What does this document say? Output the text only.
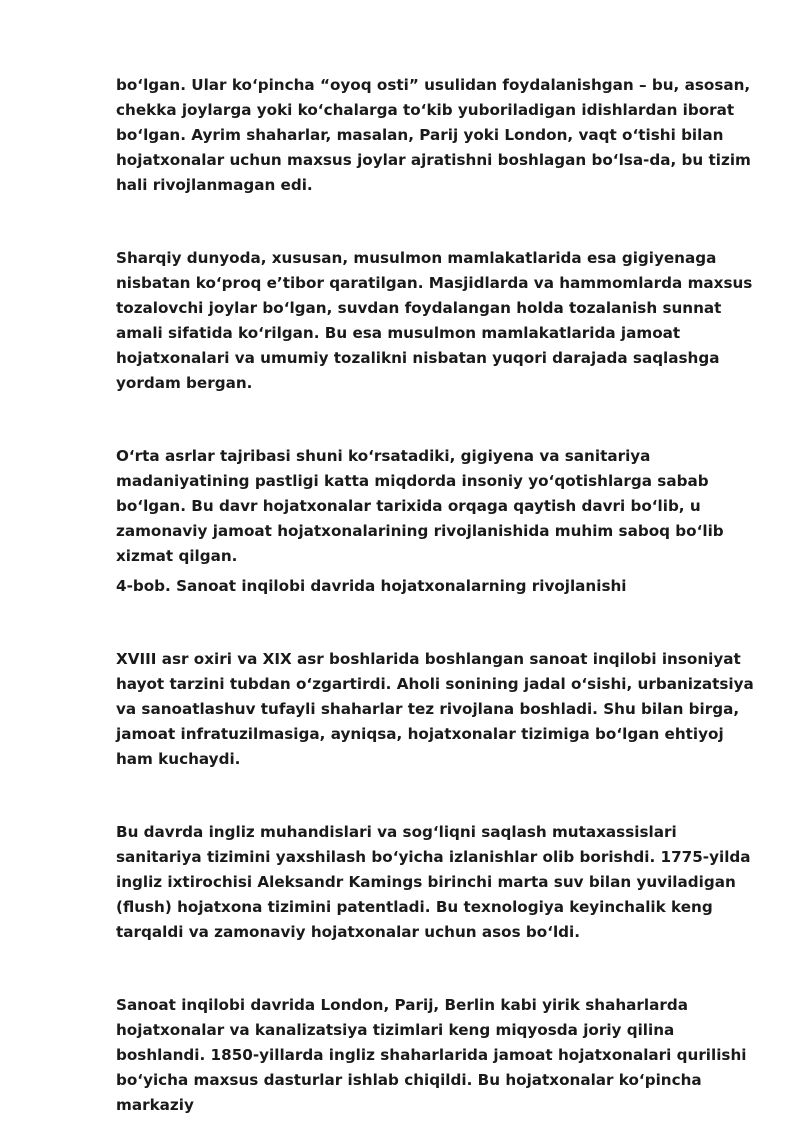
bo‘lgan. Ular ko‘pincha “oyoq osti” usulidan foydalanishgan – bu, asosan, chekka joylarga yoki ko‘chalarga to‘kib yuboriladigan idishlardan iborat bo‘lgan. Ayrim shaharlar, masalan, Parij yoki London, vaqt o‘tishi bilan hojatxonalar uchun maxsus joylar ajratishni boshlagan bo‘lsa-da, bu tizim hali rivojlanmagan edi.

Sharqiy dunyoda, xususan, musulmon mamlakatlarida esa gigiyenaga nisbatan ko‘proq e’tibor qaratilgan. Masjidlarda va hammomlarda maxsus tozalovchi joylar bo‘lgan, suvdan foydalangan holda tozalanish sunnat amali sifatida ko‘rilgan. Bu esa musulmon mamlakatlarida jamoat hojatxonalari va umumiy tozalikni nisbatan yuqori darajada saqlashga yordam bergan.

O‘rta asrlar tajribasi shuni ko‘rsatadiki, gigiyena va sanitariya madaniyatining pastligi katta miqdorda insoniy yo‘qotishlarga sabab bo‘lgan. Bu davr hojatxonalar tarixida orqaga qaytish davri bo‘lib, u zamonaviy jamoat hojatxonalarining rivojlanishida muhim saboq bo‘lib xizmat qilgan.

4-bob. Sanoat inqilobi davrida hojatxonalarning rivojlanishi

XVIII asr oxiri va XIX asr boshlarida boshlangan sanoat inqilobi insoniyat hayot tarzini tubdan o‘zgartirdi. Aholi sonining jadal o‘sishi, urbanizatsiya va sanoatlashuv tufayli shaharlar tez rivojlana boshladi. Shu bilan birga, jamoat infratuzilmasiga, ayniqsa, hojatxonalar tizimiga bo‘lgan ehtiyoj ham kuchaydi.

Bu davrda ingliz muhandislari va sog‘liqni saqlash mutaxassislari sanitariya tizimini yaxshilash bo‘yicha izlanishlar olib borishdi. 1775-yilda ingliz ixtirochisi Aleksandr Kamings birinchi marta suv bilan yuviladigan (flush) hojatxona tizimini patentladi. Bu texnologiya keyinchalik keng tarqaldi va zamonaviy hojatxonalar uchun asos bo‘ldi.

Sanoat inqilobi davrida London, Parij, Berlin kabi yirik shaharlarda hojatxonalar va kanalizatsiya tizimlari keng miqyosda joriy qilina boshlandi. 1850-yillarda ingliz shaharlarida jamoat hojatxonalari qurilishi bo‘yicha maxsus dasturlar ishlab chiqildi. Bu hojatxonalar ko‘pincha markaziy
